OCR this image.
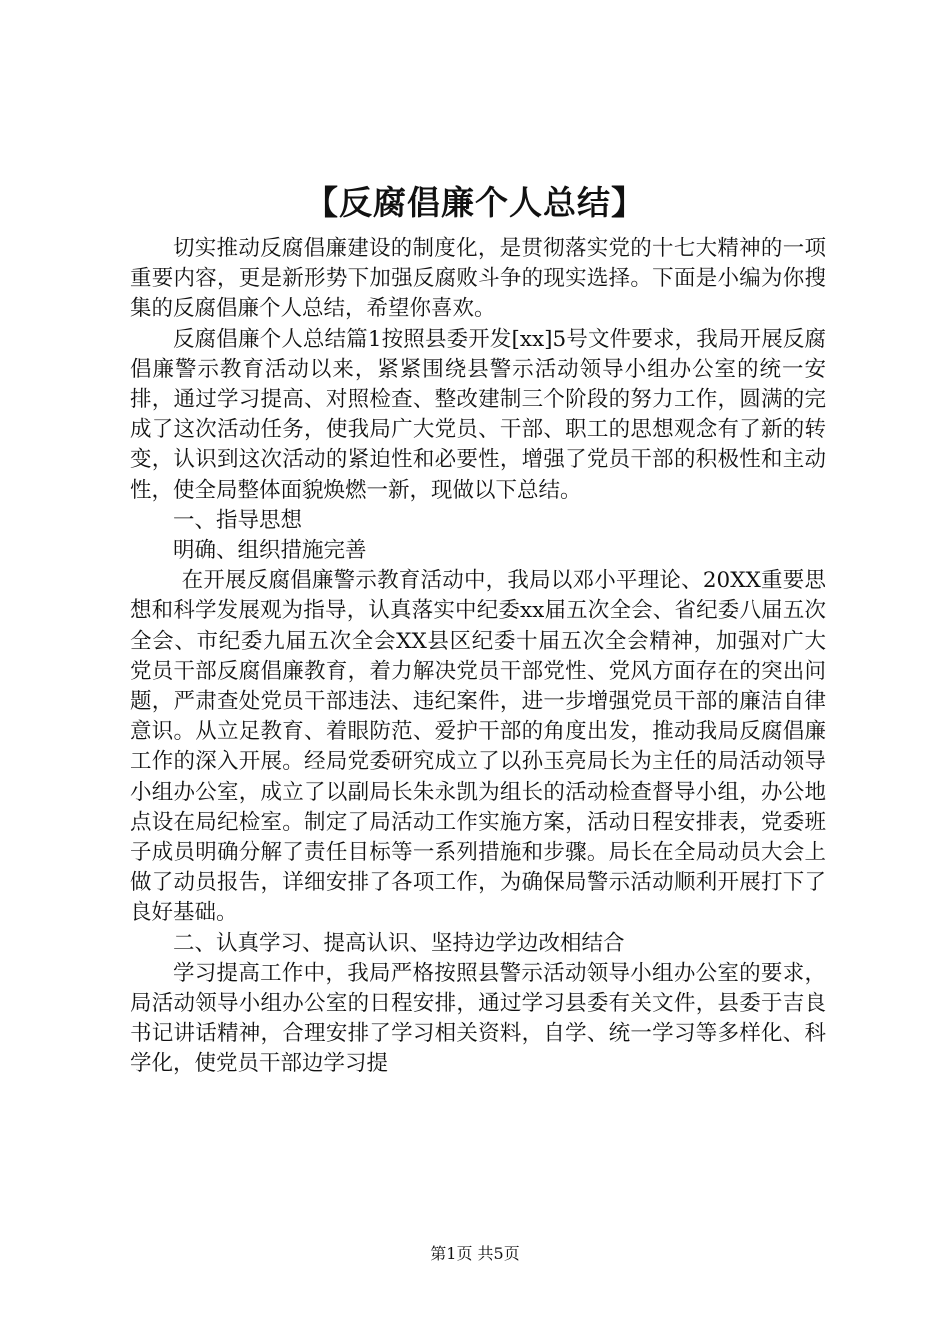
【反腐倡廉个人总结】

切实推动反腐倡廉建设的制度化，是贯彻落实党的十七大精神的一项重要内容，更是新形势下加强反腐败斗争的现实选择。下面是小编为你搜集的反腐倡廉个人总结，希望你喜欢。

反腐倡廉个人总结篇1按照县委开发[xx]5号文件要求，我局开展反腐倡廉警示教育活动以来，紧紧围绕县警示活动领导小组办公室的统一安排，通过学习提高、对照检查、整改建制三个阶段的努力工作，圆满的完成了这次活动任务，使我局广大党员、干部、职工的思想观念有了新的转变，认识到这次活动的紧迫性和必要性，增强了党员干部的积极性和主动性，使全局整体面貌焕燃一新，现做以下总结。

一、指导思想

明确、组织措施完善

在开展反腐倡廉警示教育活动中，我局以邓小平理论、20XX重要思想和科学发展观为指导，认真落实中纪委xx届五次全会、省纪委八届五次全会、市纪委九届五次全会XX县区纪委十届五次全会精神，加强对广大党员干部反腐倡廉教育，着力解决党员干部党性、党风方面存在的突出问题，严肃查处党员干部违法、违纪案件，进一步增强党员干部的廉洁自律意识。从立足教育、着眼防范、爱护干部的角度出发，推动我局反腐倡廉工作的深入开展。经局党委研究成立了以孙玉亮局长为主任的局活动领导小组办公室，成立了以副局长朱永凯为组长的活动检查督导小组，办公地点设在局纪检室。制定了局活动工作实施方案，活动日程安排表，党委班子成员明确分解了责任目标等一系列措施和步骤。局长在全局动员大会上做了动员报告，详细安排了各项工作，为确保局警示活动顺利开展打下了良好基础。

二、认真学习、提高认识、坚持边学边改相结合

学习提高工作中，我局严格按照县警示活动领导小组办公室的要求，局活动领导小组办公室的日程安排，通过学习县委有关文件，县委于吉良书记讲话精神，合理安排了学习相关资料，自学、统一学习等多样化、科学化，使党员干部边学习提

第1页 共5页
